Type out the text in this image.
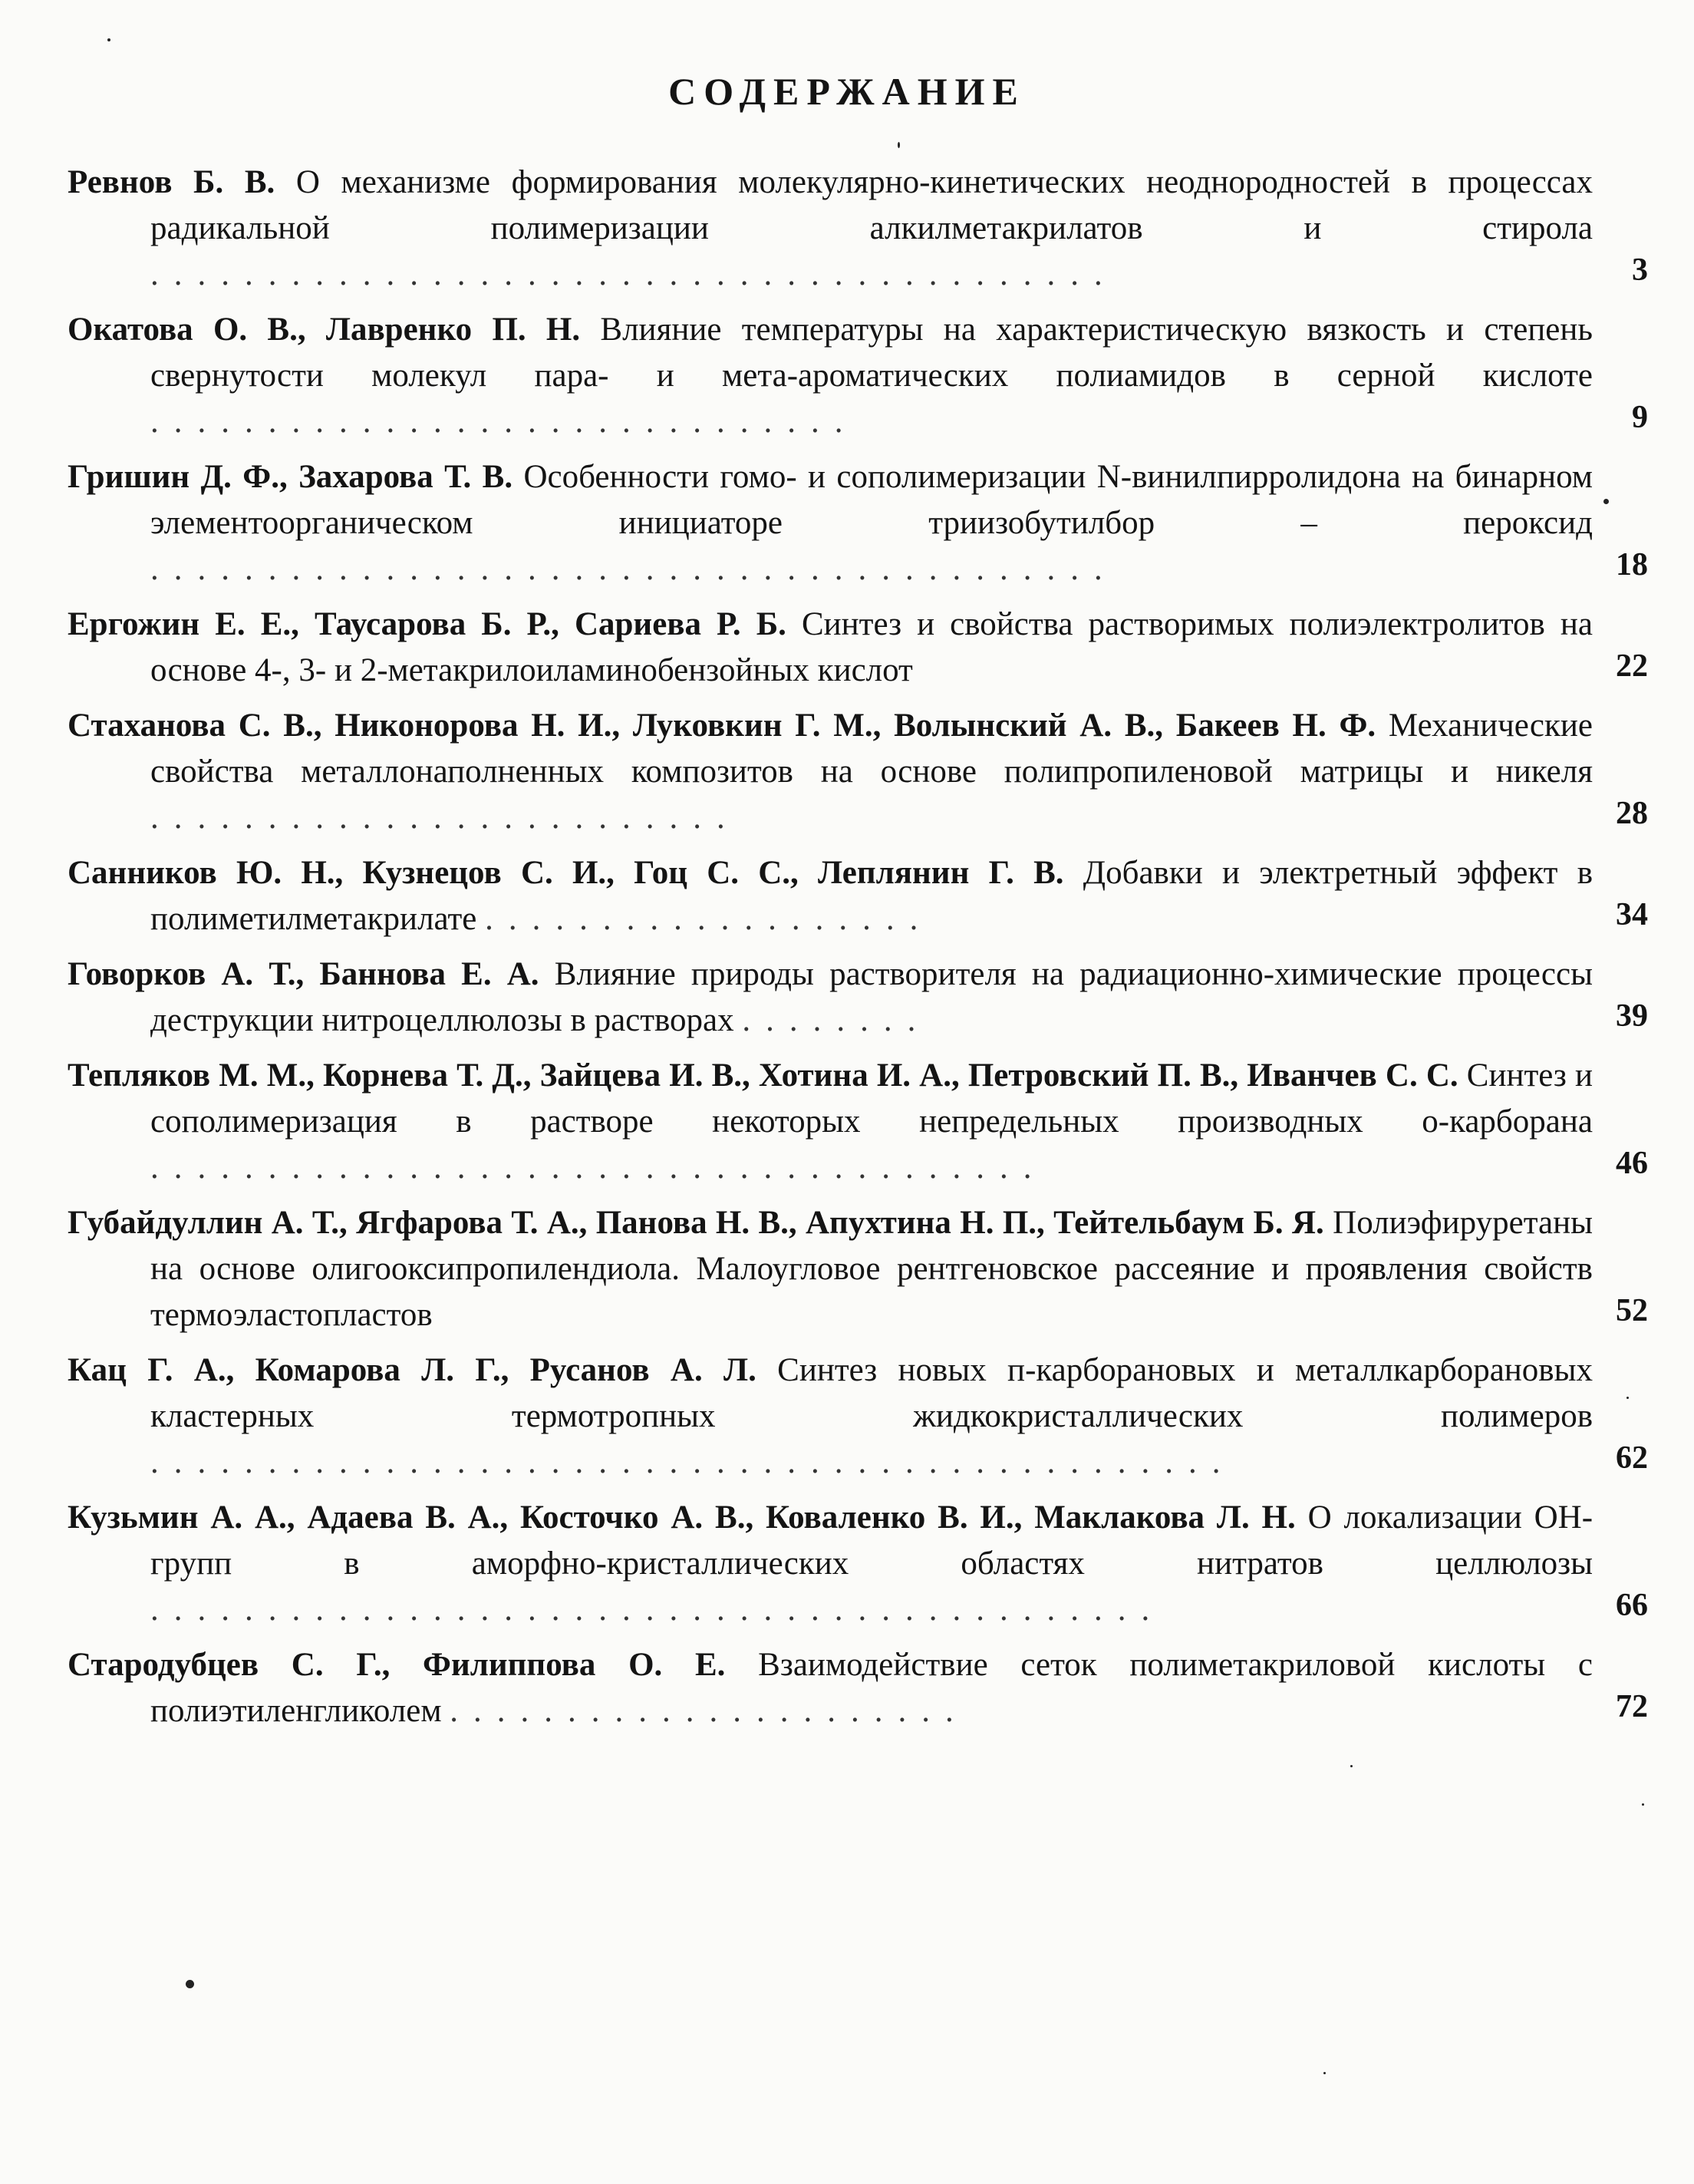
СОДЕРЖАНИЕ
Ревнов Б. В. О механизме формирования молекулярно-кинетических неоднородностей в процессах радикальной полимеризации алкилметакрилатов и стирола .........................................	3
Окатова О. В., Лавренко П. Н. Влияние температуры на характеристическую вязкость и степень свернутости молекул пара- и мета-ароматических полиамидов в серной кислоте ..............................	9
Гришин Д. Ф., Захарова Т. В. Особенности гомо- и сополимеризации N-винилпирролидона на бинарном элементоорганическом инициаторе триизобутилбор – пероксид .........................................	18
Ергожин Е. Е., Таусарова Б. Р., Сариева Р. Б. Синтез и свойства растворимых полиэлектролитов на основе 4-, 3- и 2-метакрилоиламинобензойных кислот	22
Стаханова С. В., Никонорова Н. И., Луковкин Г. М., Волынский А. В., Бакеев Н. Ф. Механические свойства металлонаполненных композитов на основе полипропиленовой матрицы и никеля .........................	28
Санников Ю. Н., Кузнецов С. И., Гоц С. С., Леплянин Г. В. Добавки и электретный эффект в полиметилметакрилате ...................	34
Говорков А. Т., Баннова Е. А. Влияние природы растворителя на радиационно-химические процессы деструкции нитроцеллюлозы в растворах ........	39
Тепляков М. М., Корнева Т. Д., Зайцева И. В., Хотина И. А., Петровский П. В., Иванчев С. С. Синтез и сополимеризация в растворе некоторых непредельных производных о-карборана ......................................	46
Губайдуллин А. Т., Ягфарова Т. А., Панова Н. В., Апухтина Н. П., Тейтельбаум Б. Я. Полиэфируретаны на основе олигооксипропилендиола. Малоугловое рентгеновское рассеяние и проявления свойств термоэластопластов	52
Кац Г. А., Комарова Л. Г., Русанов А. Л. Синтез новых п-карборановых и металлкарборановых кластерных термотропных жидкокристаллических полимеров ..............................................	62
Кузьмин А. А., Адаева В. А., Косточко А. В., Коваленко В. И., Маклакова Л. Н. О локализации ОН-групп в аморфно-кристаллических областях нитратов целлюлозы ...........................................	66
Стародубцев С. Г., Филиппова О. Е. Взаимодействие сеток полиметакриловой кислоты с полиэтиленгликолем ......................	72
